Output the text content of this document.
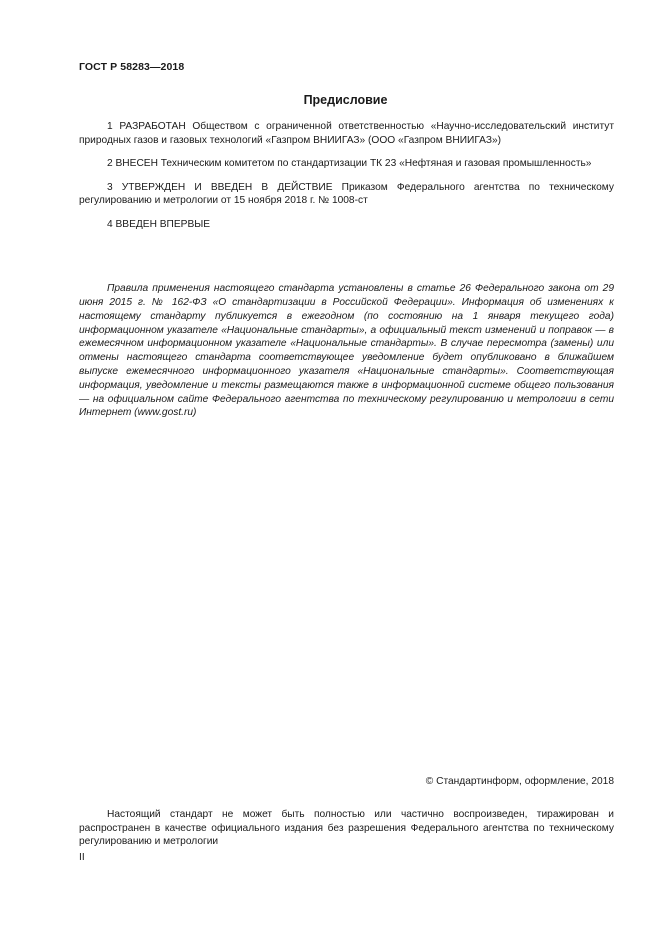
ГОСТ Р 58283—2018
Предисловие

1 РАЗРАБОТАН Обществом с ограниченной ответственностью «Научно-исследовательский институт природных газов и газовых технологий «Газпром ВНИИГАЗ» (ООО «Газпром ВНИИГАЗ»)

2 ВНЕСЕН Техническим комитетом по стандартизации ТК 23 «Нефтяная и газовая промышленность»

3 УТВЕРЖДЕН И ВВЕДЕН В ДЕЙСТВИЕ Приказом Федерального агентства по техническому регулированию и метрологии от 15 ноября 2018 г. № 1008-ст

4 ВВЕДЕН ВПЕРВЫЕ

Правила применения настоящего стандарта установлены в статье 26 Федерального закона от 29 июня 2015 г. № 162-ФЗ «О стандартизации в Российской Федерации». Информация об изменениях к настоящему стандарту публикуется в ежегодном (по состоянию на 1 января текущего года) информационном указателе «Национальные стандарты», а официальный текст изменений и поправок — в ежемесячном информационном указателе «Национальные стандарты». В случае пересмотра (замены) или отмены настоящего стандарта соответствующее уведомление будет опубликовано в ближайшем выпуске ежемесячного информационного указателя «Национальные стандарты». Соответствующая информация, уведомление и тексты размещаются также в информационной системе общего пользования — на официальном сайте Федерального агентства по техническому регулированию и метрологии в сети Интернет (www.gost.ru)

© Стандартинформ, оформление, 2018

Настоящий стандарт не может быть полностью или частично воспроизведен, тиражирован и распространен в качестве официального издания без разрешения Федерального агентства по техническому регулированию и метрологии

II
